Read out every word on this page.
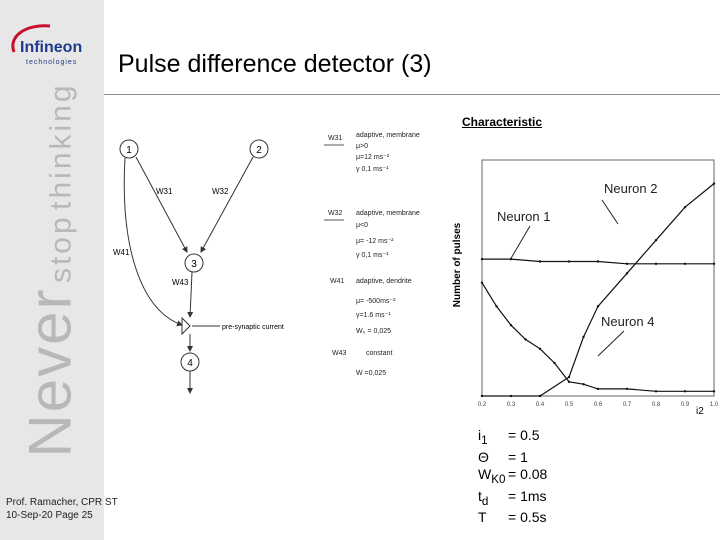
Infineon
technologies
Never stop thinking
Pulse difference detector (3)
1	2
3
4
W31	W32
W41
W43
pre-synaptic current
W31 adaptive, membrane
μ>0
μ=12 ms⁻²
γ 0,1 ms⁻¹
W32 adaptive, membrane
μ<0
μ= -12 ms⁻²
γ 0,1 ms⁻¹
W41 adaptive, dendrite
μ= -500ms⁻²
γ=1.6 ms⁻¹
W₀ = 0,025
W43	constant
W =0,025
Characteristic
Number of pulses
i2
0.2	0.3	0.4	0.5	0.6	0.7	0.8	0.9	1.0
Neuron 2
Neuron 1
Neuron 4
$i_1 = 0.5$
Θ = 1
$W_{K0} = 0.08$
$t_d = 1ms$
T = 0.5s
Prof. Ramacher, CPR ST
10-Sep-20 Page 25
